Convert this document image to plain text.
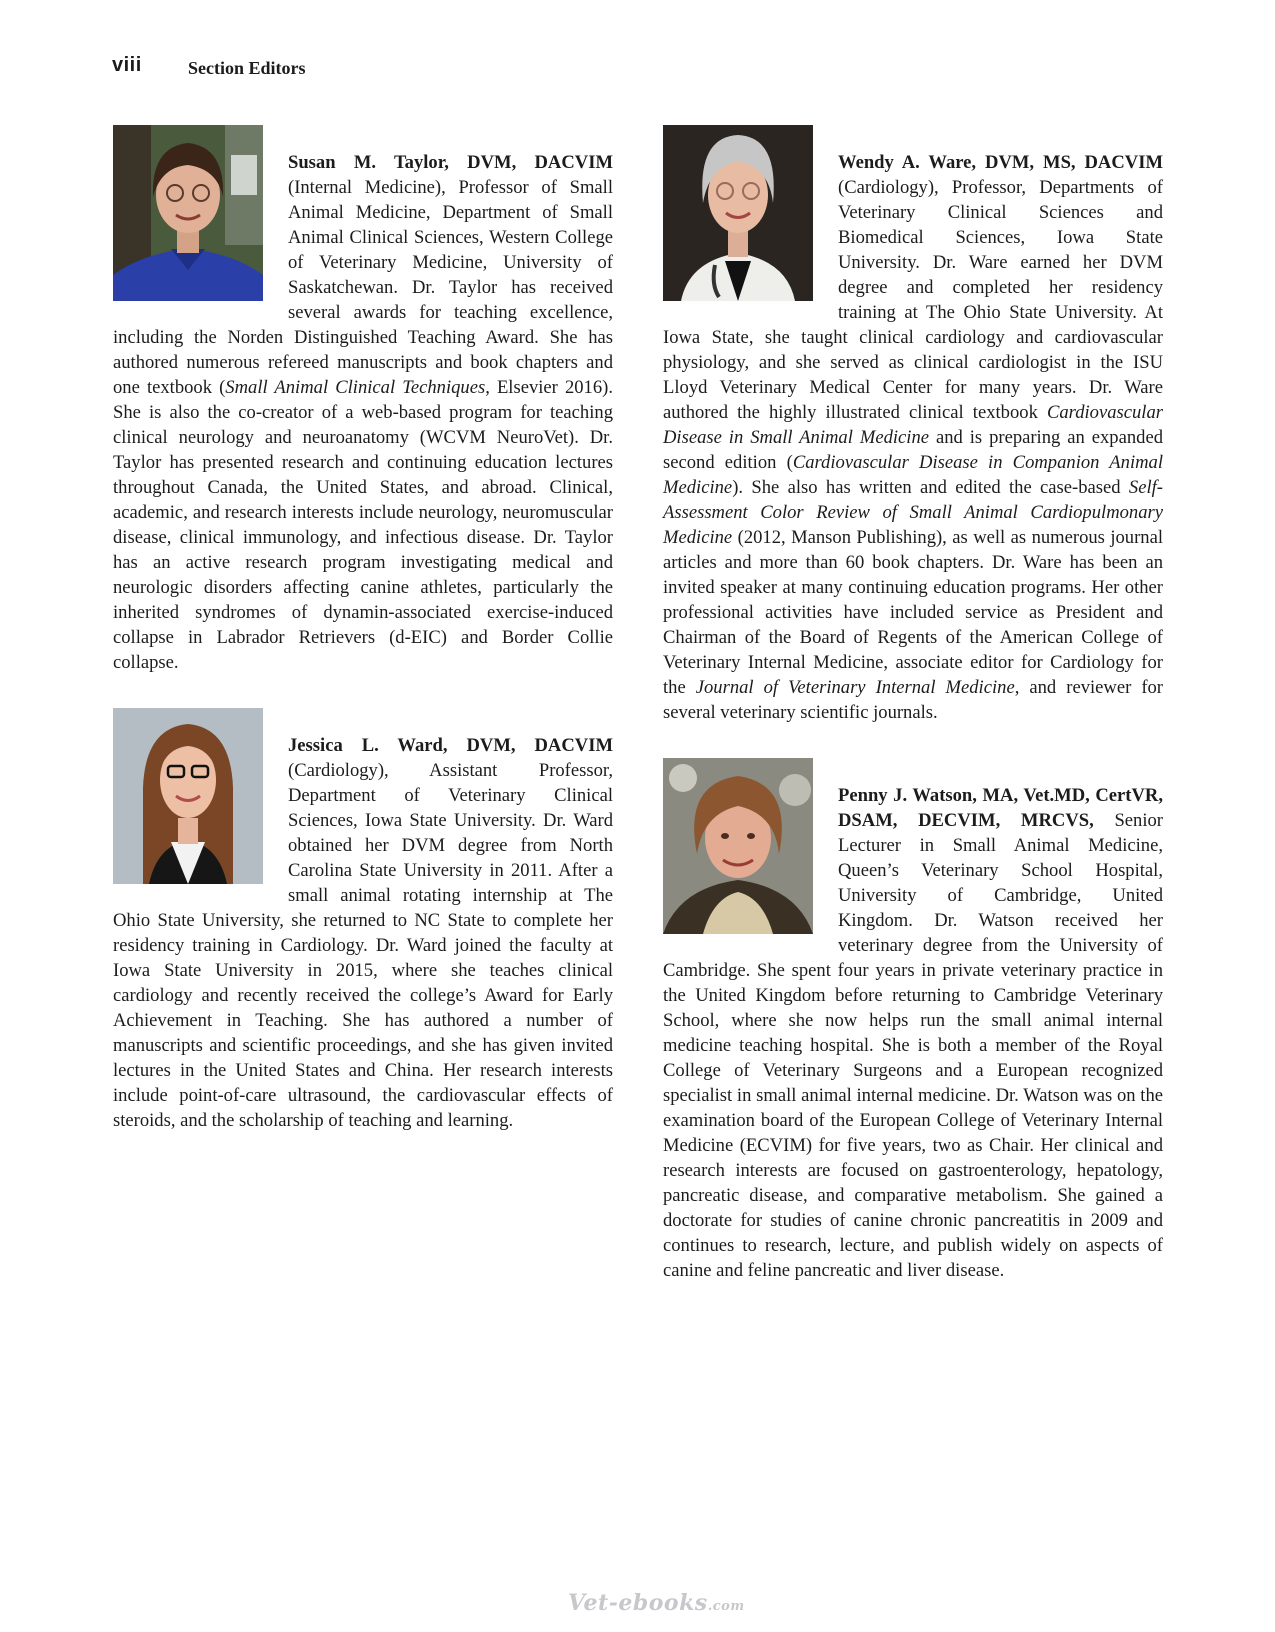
viii	Section Editors

Susan M. Taylor, DVM, DACVIM (Internal Medicine), Professor of Small Animal Medicine, Department of Small Animal Clinical Sciences, Western College of Veterinary Medicine, University of Saskatchewan. Dr. Taylor has received several awards for teaching excellence, including the Norden Distinguished Teaching Award. She has authored numerous refereed manuscripts and book chapters and one textbook (Small Animal Clinical Techniques, Elsevier 2016). She is also the co-creator of a web-based program for teaching clinical neurology and neuroanatomy (WCVM NeuroVet). Dr. Taylor has presented research and continuing education lectures throughout Canada, the United States, and abroad. Clinical, academic, and research interests include neurology, neuromuscular disease, clinical immunology, and infectious disease. Dr. Taylor has an active research program investigating medical and neurologic disorders affecting canine athletes, particularly the inherited syndromes of dynamin-associated exercise-induced collapse in Labrador Retrievers (d-EIC) and Border Collie collapse.

Jessica L. Ward, DVM, DACVIM (Cardiology), Assistant Professor, Department of Veterinary Clinical Sciences, Iowa State University. Dr. Ward obtained her DVM degree from North Carolina State University in 2011. After a small animal rotating internship at The Ohio State University, she returned to NC State to complete her residency training in Cardiology. Dr. Ward joined the faculty at Iowa State University in 2015, where she teaches clinical cardiology and recently received the college’s Award for Early Achievement in Teaching. She has authored a number of manuscripts and scientific proceedings, and she has given invited lectures in the United States and China. Her research interests include point-of-care ultrasound, the cardiovascular effects of steroids, and the scholarship of teaching and learning.

Wendy A. Ware, DVM, MS, DACVIM (Cardiology), Professor, Departments of Veterinary Clinical Sciences and Biomedical Sciences, Iowa State University. Dr. Ware earned her DVM degree and completed her residency training at The Ohio State University. At Iowa State, she taught clinical cardiology and cardiovascular physiology, and she served as clinical cardiologist in the ISU Lloyd Veterinary Medical Center for many years. Dr. Ware authored the highly illustrated clinical textbook Cardiovascular Disease in Small Animal Medicine and is preparing an expanded second edition (Cardiovascular Disease in Companion Animal Medicine). She also has written and edited the case-based Self-Assessment Color Review of Small Animal Cardiopulmonary Medicine (2012, Manson Publishing), as well as numerous journal articles and more than 60 book chapters. Dr. Ware has been an invited speaker at many continuing education programs. Her other professional activities have included service as President and Chairman of the Board of Regents of the American College of Veterinary Internal Medicine, associate editor for Cardiology for the Journal of Veterinary Internal Medicine, and reviewer for several veterinary scientific journals.

Penny J. Watson, MA, Vet.MD, CertVR, DSAM, DECVIM, MRCVS, Senior Lecturer in Small Animal Medicine, Queen’s Veterinary School Hospital, University of Cambridge, United Kingdom. Dr. Watson received her veterinary degree from the University of Cambridge. She spent four years in private veterinary practice in the United Kingdom before returning to Cambridge Veterinary School, where she now helps run the small animal internal medicine teaching hospital. She is both a member of the Royal College of Veterinary Surgeons and a European recognized specialist in small animal internal medicine. Dr. Watson was on the examination board of the European College of Veterinary Internal Medicine (ECVIM) for five years, two as Chair. Her clinical and research interests are focused on gastroenterology, hepatology, pancreatic disease, and comparative metabolism. She gained a doctorate for studies of canine chronic pancreatitis in 2009 and continues to research, lecture, and publish widely on aspects of canine and feline pancreatic and liver disease.

Vet-ebooks.com
